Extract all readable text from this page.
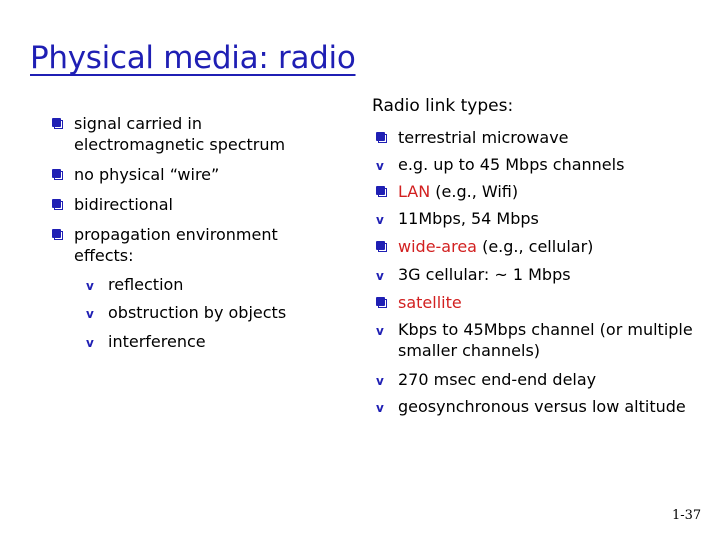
Physical media: radio
signal carried in
electromagnetic spectrum
no physical “wire”
bidirectional
propagation environment
effects:
v reflection
v obstruction by objects
v interference
Radio link types:
terrestrial microwave
v e.g. up to 45 Mbps channels
LAN (e.g., Wifi)
v 11Mbps, 54 Mbps
wide-area (e.g., cellular)
v 3G cellular: ~ 1 Mbps
satellite
v Kbps to 45Mbps channel (or multiple
smaller channels)
v 270 msec end-end delay
v geosynchronous versus low altitude
1-37
